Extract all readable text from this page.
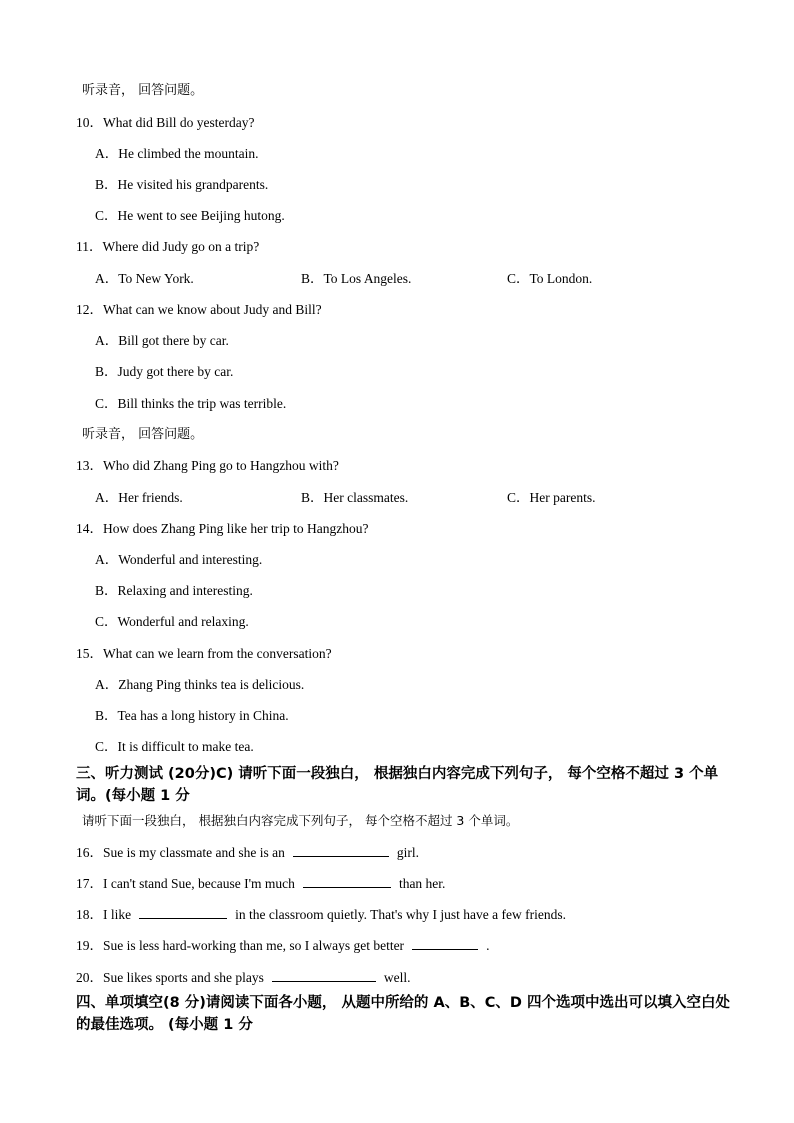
听录音， 回答问题。
10．What did Bill do yesterday?
A．He climbed the mountain.
B．He visited his grandparents.
C．He went to see Beijing hutong.
11．Where did Judy go on a trip?
A．To New York.	B．To Los Angeles.	C．To London.
12．What can we know about Judy and Bill?
A．Bill got there by car.
B．Judy got there by car.
C．Bill thinks the trip was terrible.
听录音， 回答问题。
13．Who did Zhang Ping go to Hangzhou with?
A．Her friends.	B．Her classmates.	C．Her parents.
14．How does Zhang Ping like her trip to Hangzhou?
A．Wonderful and interesting.
B．Relaxing and interesting.
C．Wonderful and relaxing.
15．What can we learn from the conversation?
A．Zhang Ping thinks tea is delicious.
B．Tea has a long history in China.
C．It is difficult to make tea.
三、听力测试 (20分)C) 请听下面一段独白， 根据独白内容完成下列句子， 每个空格不超过 3 个单词。(每小题 1 分
请听下面一段独白， 根据独白内容完成下列句子， 每个空格不超过 3 个单词。
16．Sue is my classmate and she is an	girl.
17．I can't stand Sue, because I'm much	than her.
18．I like	in the classroom quietly. That's why I just have a few friends.
19．Sue is less hard-working than me, so I always get better	.
20．Sue likes sports and she plays	well.
四、单项填空(8 分)请阅读下面各小题， 从题中所给的 A、B、C、D 四个选项中选出可以填入空白处的最佳选项。 (每小题 1 分
